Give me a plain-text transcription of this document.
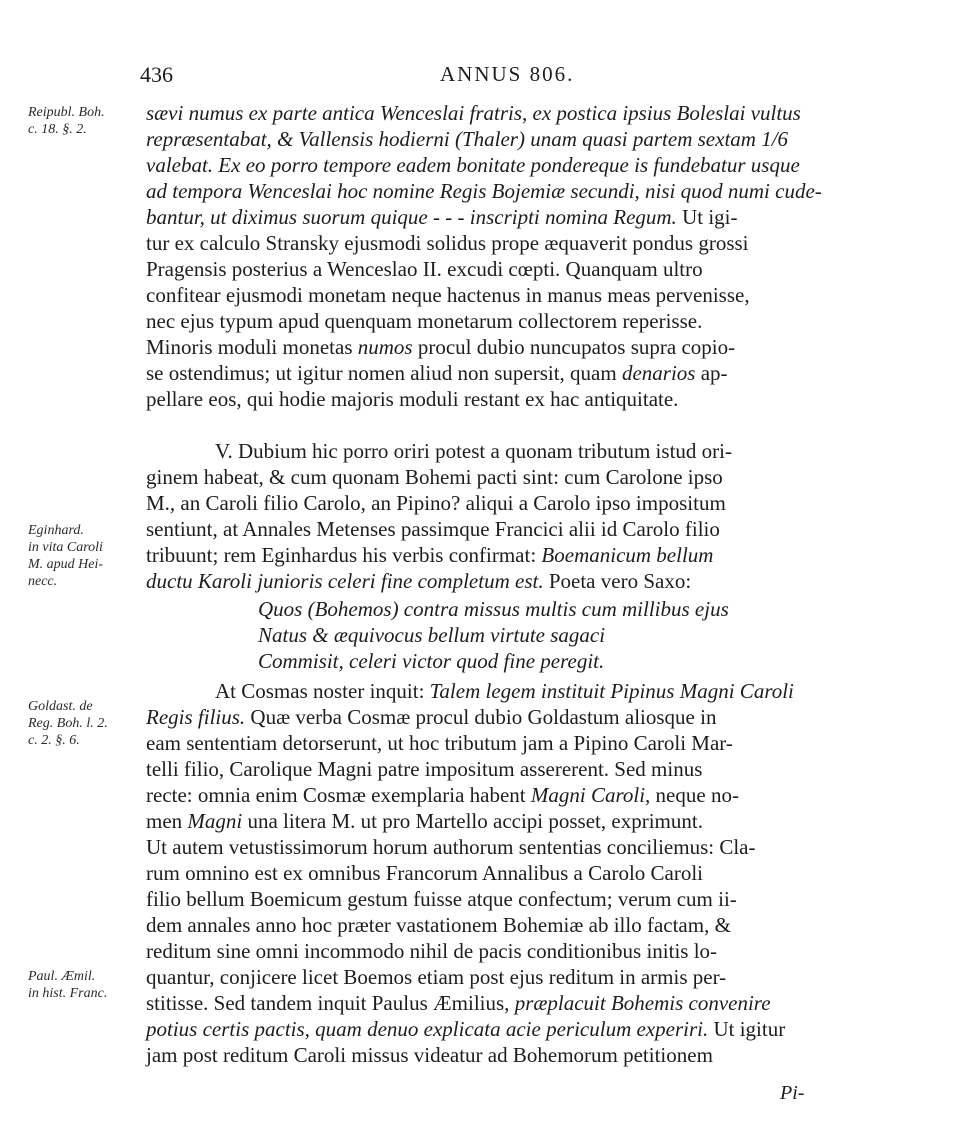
436	ANNUS 806.
Reipubl. Boh.
c. 18. §. 2.
Eginhard.
in vita Caroli
M. apud Hei-
necc.
Goldast. de
Reg. Boh. l. 2.
c. 2. §. 6.
Paul. Æmil.
in hist. Franc.
sævi numus ex parte antica Wenceslai fratris, ex postica ipsius Boleslai vultus
repræsentabat, & Vallensis hodierni (Thaler) unam quasi partem sextam 1/6
valebat. Ex eo porro tempore eadem bonitate pondereque is fundebatur usque
ad tempora Wenceslai hoc nomine Regis Bojemiæ secundi, nisi quod numi cude-
bantur, ut diximus suorum quique - - - inscripti nomina Regum. Ut igi-
tur ex calculo Stransky ejusmodi solidus prope æquaverit pondus grossi
Pragensis posterius a Wenceslao II. excudi cœpti. Quanquam ultro
confitear ejusmodi monetam neque hactenus in manus meas pervenisse,
nec ejus typum apud quenquam monetarum collectorem reperisse.
Minoris moduli monetas numos procul dubio nuncupatos supra copio-
se ostendimus; ut igitur nomen aliud non supersit, quam denarios ap-
pellare eos, qui hodie majoris moduli restant ex hac antiquitate.
V. Dubium hic porro oriri potest a quonam tributum istud ori-
ginem habeat, & cum quonam Bohemi pacti sint: cum Carolone ipso
M., an Caroli filio Carolo, an Pipino? aliqui a Carolo ipso impositum
sentiunt, at Annales Metenses passimque Francici alii id Carolo filio
tribuunt; rem Eginhardus his verbis confirmat: Boemanicum bellum
ductu Karoli junioris celeri fine completum est. Poeta vero Saxo:
Quos (Bohemos) contra missus multis cum millibus ejus
Natus & æquivocus bellum virtute sagaci
Commisit, celeri victor quod fine peregit.
At Cosmas noster inquit: Talem legem instituit Pipinus Magni Caroli
Regis filius. Quæ verba Cosmæ procul dubio Goldastum aliosque in
eam sententiam detorserunt, ut hoc tributum jam a Pipino Caroli Mar-
telli filio, Carolique Magni patre impositum assererent. Sed minus
recte: omnia enim Cosmæ exemplaria habent Magni Caroli, neque no-
men Magni una litera M. ut pro Martello accipi posset, exprimunt.
Ut autem vetustissimorum horum authorum sententias conciliemus: Cla-
rum omnino est ex omnibus Francorum Annalibus a Carolo Caroli
filio bellum Boemicum gestum fuisse atque confectum; verum cum ii-
dem annales anno hoc præter vastationem Bohemiæ ab illo factam, &
reditum sine omni incommodo nihil de pacis conditionibus initis lo-
quantur, conjicere licet Boemos etiam post ejus reditum in armis per-
stitisse. Sed tandem inquit Paulus Æmilius, præplacuit Bohemis convenire
potius certis pactis, quam denuo explicata acie periculum experiri. Ut igitur
jam post reditum Caroli missus videatur ad Bohemorum petitionem
Pi-
